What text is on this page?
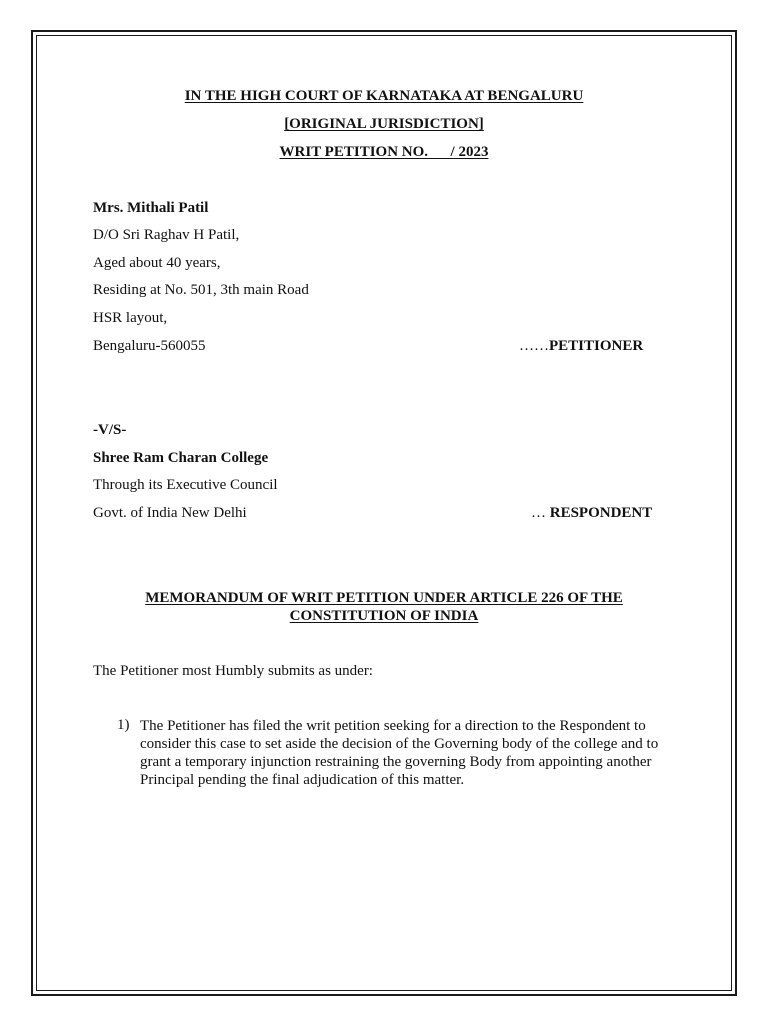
IN THE HIGH COURT OF KARNATAKA AT BENGALURU
[ORIGINAL JURISDICTION]
WRIT PETITION NO.      / 2023
Mrs. Mithali Patil
D/O Sri Raghav H Patil,
Aged about 40 years,
Residing at No. 501, 3th main Road
HSR layout,
Bengaluru-560055	……PETITIONER
-V/S-
Shree Ram Charan College
Through its Executive Council
Govt. of India New Delhi	… RESPONDENT
MEMORANDUM OF WRIT PETITION UNDER ARTICLE 226 OF THE CONSTITUTION OF INDIA
The Petitioner most Humbly submits as under:
1) The Petitioner has filed the writ petition seeking for a direction to the Respondent to consider this case to set aside the decision of the Governing body of the college and to grant a temporary injunction restraining the governing Body from appointing another Principal pending the final adjudication of this matter.
